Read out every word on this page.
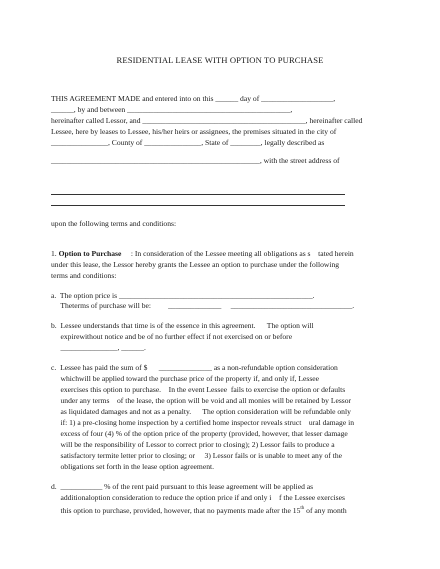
RESIDENTIAL LEASE WITH OPTION TO PURCHASE
THIS AGREEMENT MADE and entered into on this ______ day of ___________________,
______, by and between ___________________________________________,
hereinafter called Lessor, and ___________________________________________, hereinafter called
Lessee, here by leases to Lessee, his/her heirs or assignees, the premises situated in the city of
_______________, County of _______________, State of ________, legally described as
_______________________________________________________, with the street address of
upon the following terms and conditions:
1. Option to Purchase     : In consideration of the Lessee meeting all obligations as s    tated herein
under this lease, the Lessor hereby grants the Lessee an option to purchase under the following
terms and conditions:
a.  The option price is ___________________________________________________.
Theterms of purchase will be:         ______________     ________________________________.
b.  Lessee understands that time is of the essence in this agreement.      The option will
expirewithout notice and be of no further effect if not exercised on or before
_______________, ______.
c.  Lessee has paid the sum of $      ______________ as a non-refundable option consideration
whichwill be applied toward the purchase price of the property if, and only if, Lessee
exercises this option to purchase.    In the event Lessee  fails to exercise the option or defaults
under any terms    of the lease, the option will be void and all monies will be retained by Lessor
as liquidated damages and not as a penalty.      The option consideration will be refundable only
if: 1) a pre-closing home inspection by a certified home inspector reveals struct    ural damage in
excess of four (4) % of the option price of the property (provided, however, that lesser damage
will be the responsibility of Lessor to correct prior to closing); 2) Lessor fails to produce a
satisfactory termite letter prior to closing; or     3) Lessor fails or is unable to meet any of the
obligations set forth in the lease option agreement.
d.  ___________ % of the rent paid pursuant to this lease agreement will be applied as
additionaloption consideration to reduce the option price if and only i    f the Lessee exercises
this option to purchase, provided, however, that no payments made after the 15th of any month
